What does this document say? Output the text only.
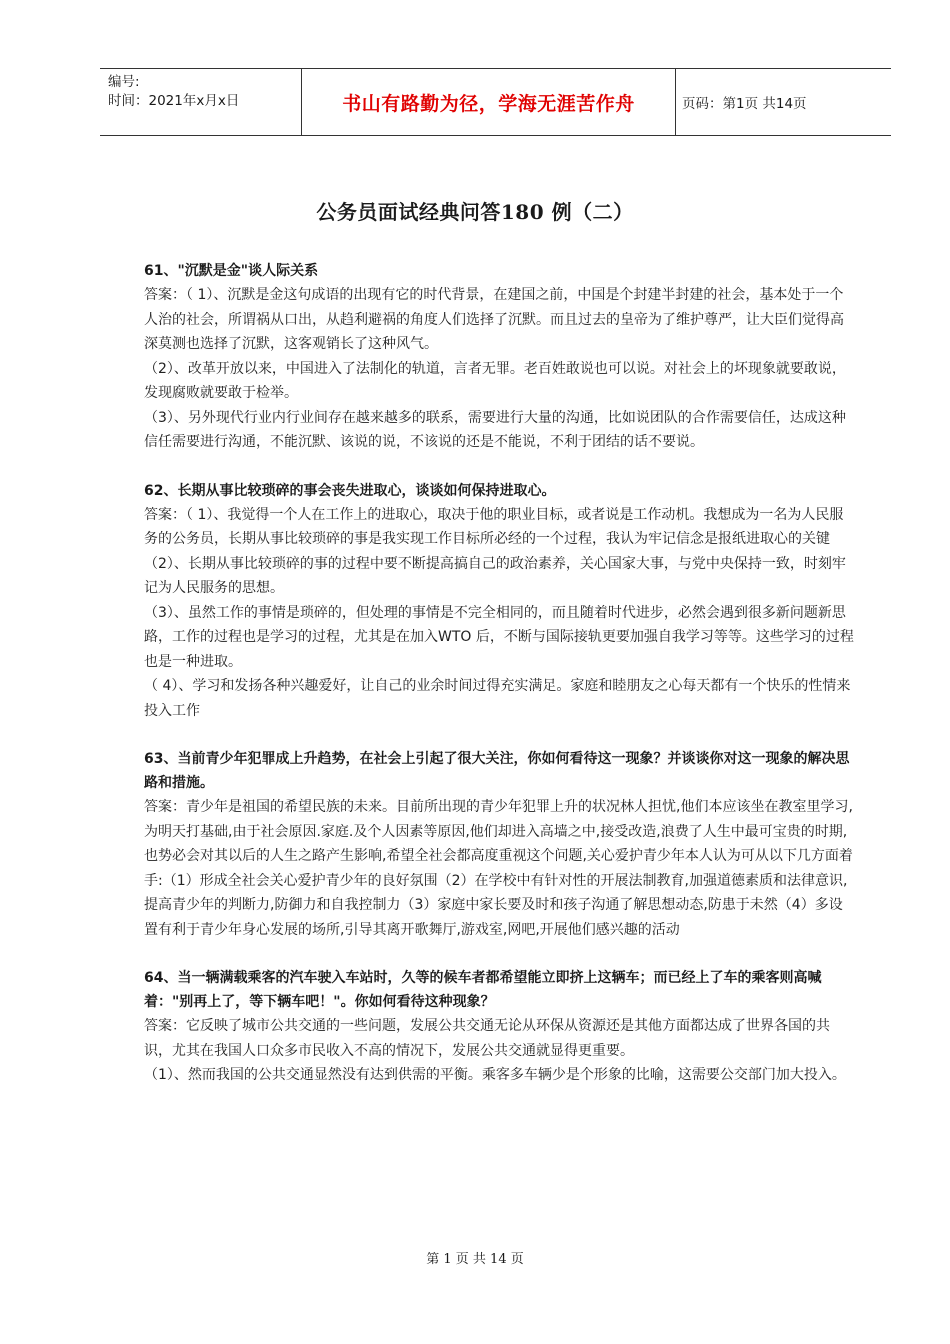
编号:
时间：2021年x月x日	书山有路勤为径，学海无涯苦作舟	页码：第1页 共14页
公务员面试经典问答180 例（二）

61、"沉默是金"谈人际关系

答案：（ 1）、沉默是金这句成语的出现有它的时代背景，在建国之前，中国是个封建半封建的社会，基本处于一个人治的社会，所谓祸从口出，从趋利避祸的角度人们选择了沉默。而且过去的皇帝为了维护尊严，让大臣们觉得高深莫测也选择了沉默，这客观销长了这种风气。

（2）、改革开放以来，中国进入了法制化的轨道，言者无罪。老百姓敢说也可以说。对社会上的坏现象就要敢说，发现腐败就要敢于检举。

（3）、另外现代行业内行业间存在越来越多的联系，需要进行大量的沟通，比如说团队的合作需要信任，达成这种信任需要进行沟通，不能沉默、该说的说，不该说的还是不能说，不利于团结的话不要说。

62、长期从事比较琐碎的事会丧失进取心，谈谈如何保持进取心。

答案：（ 1）、我觉得一个人在工作上的进取心，取决于他的职业目标，或者说是工作动机。我想成为一名为人民服务的公务员，长期从事比较琐碎的事是我实现工作目标所必经的一个过程，我认为牢记信念是报纸进取心的关键

（2）、长期从事比较琐碎的事的过程中要不断提高搞自己的政治素养，关心国家大事，与党中央保持一致，时刻牢记为人民服务的思想。

（3）、虽然工作的事情是琐碎的，但处理的事情是不完全相同的，而且随着时代进步，必然会遇到很多新问题新思路，工作的过程也是学习的过程，尤其是在加入WTO 后，不断与国际接轨更要加强自我学习等等。这些学习的过程也是一种进取。

（ 4）、学习和发扬各种兴趣爱好，让自己的业余时间过得充实满足。家庭和睦朋友之心每天都有一个快乐的性情来投入工作

63、当前青少年犯罪成上升趋势，在社会上引起了很大关注，你如何看待这一现象？并谈谈你对这一现象的解决思路和措施。

答案：青少年是祖国的希望民族的未来。目前所出现的青少年犯罪上升的状况林人担忧,他们本应该坐在教室里学习,为明天打基础,由于社会原因.家庭.及个人因素等原因,他们却进入高墙之中,接受改造,浪费了人生中最可宝贵的时期,也势必会对其以后的人生之路产生影响,希望全社会都高度重视这个问题,关心爱护青少年本人认为可从以下几方面着手:（1）形成全社会关心爱护青少年的良好氛围（2）在学校中有针对性的开展法制教育,加强道德素质和法律意识,提高青少年的判断力,防御力和自我控制力（3）家庭中家长要及时和孩子沟通了解思想动态,防患于未然（4）多设置有利于青少年身心发展的场所,引导其离开歌舞厅,游戏室,网吧,开展他们感兴趣的活动

64、当一辆满载乘客的汽车驶入车站时，久等的候车者都希望能立即挤上这辆车；而已经上了车的乘客则高喊着："别再上了，等下辆车吧！"。你如何看待这种现象？

答案：它反映了城市公共交通的一些问题，发展公共交通无论从环保从资源还是其他方面都达成了世界各国的共识，尤其在我国人口众多市民收入不高的情况下，发展公共交通就显得更重要。

（1）、然而我国的公共交通显然没有达到供需的平衡。乘客多车辆少是个形象的比喻，这需要公交部门加大投入。

第 1 页 共 14 页
